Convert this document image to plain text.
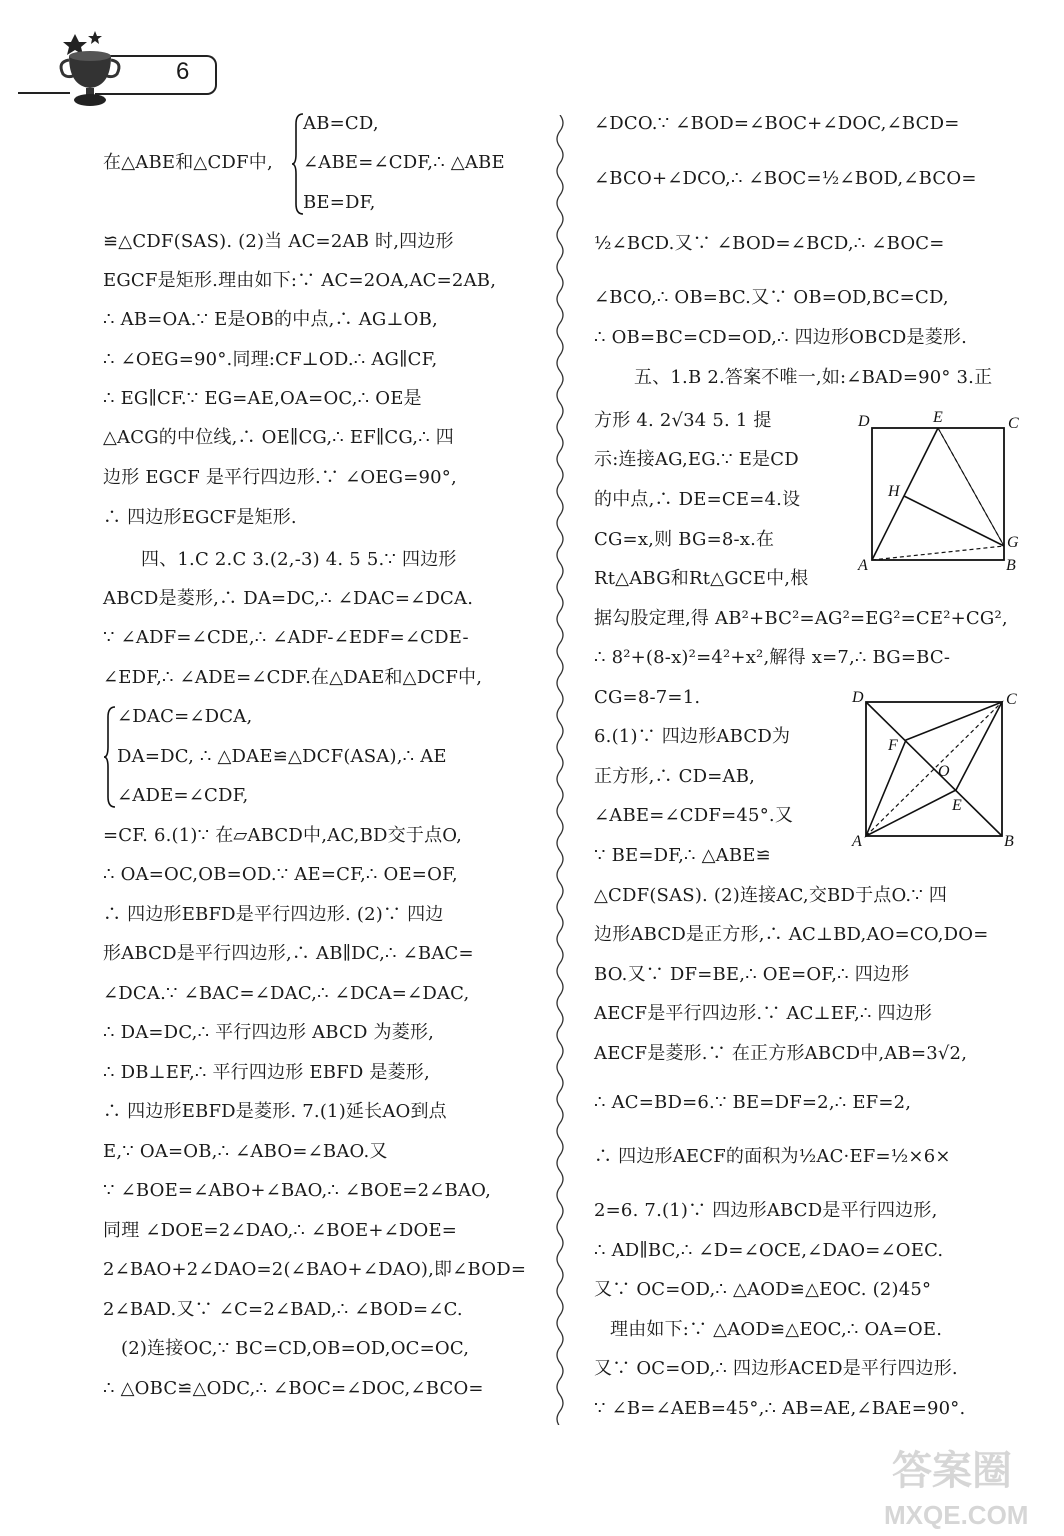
6
在△ABE和△CDF中,
AB=CD,
∠ABE=∠CDF,∴ △ABE
BE=DF,
≌△CDF(SAS). (2)当 AC=2AB 时,四边形
EGCF是矩形.理由如下:∵ AC=2OA,AC=2AB,
∴ AB=OA.∵ E是OB的中点,∴ AG⊥OB,
∴ ∠OEG=90°.同理:CF⊥OD.∴ AG∥CF,
∴ EG∥CF.∵ EG=AE,OA=OC,∴ OE是
△ACG的中位线,∴ OE∥CG,∴ EF∥CG,∴ 四
边形 EGCF 是平行四边形.∵ ∠OEG=90°,
∴ 四边形EGCF是矩形.
四、1.C 2.C 3.(2,-3) 4. 5 5.∵ 四边形
ABCD是菱形,∴ DA=DC,∴ ∠DAC=∠DCA.
∵ ∠ADF=∠CDE,∴ ∠ADF-∠EDF=∠CDE-
∠EDF,∴ ∠ADE=∠CDF.在△DAE和△DCF中,
∠DAC=∠DCA,
DA=DC, ∴ △DAE≌△DCF(ASA),∴ AE
∠ADE=∠CDF,
=CF. 6.(1)∵ 在▱ABCD中,AC,BD交于点O,
∴ OA=OC,OB=OD.∵ AE=CF,∴ OE=OF,
∴ 四边形EBFD是平行四边形. (2)∵ 四边
形ABCD是平行四边形,∴ AB∥DC,∴ ∠BAC=
∠DCA.∵ ∠BAC=∠DAC,∴ ∠DCA=∠DAC,
∴ DA=DC,∴ 平行四边形 ABCD 为菱形,
∴ DB⊥EF,∴ 平行四边形 EBFD 是菱形,
∴ 四边形EBFD是菱形. 7.(1)延长AO到点
E,∵ OA=OB,∴ ∠ABO=∠BAO.又
∵ ∠BOE=∠ABO+∠BAO,∴ ∠BOE=2∠BAO,
同理 ∠DOE=2∠DAO,∴ ∠BOE+∠DOE=
2∠BAO+2∠DAO=2(∠BAO+∠DAO),即∠BOD=
2∠BAD.又∵ ∠C=2∠BAD,∴ ∠BOD=∠C.
(2)连接OC,∵ BC=CD,OB=OD,OC=OC,
∴ △OBC≌△ODC,∴ ∠BOC=∠DOC,∠BCO=
∠DCO.∵ ∠BOD=∠BOC+∠DOC,∠BCD=
∠BCO+∠DCO,∴ ∠BOC=½∠BOD,∠BCO=
½∠BCD.又∵ ∠BOD=∠BCD,∴ ∠BOC=
∠BCO,∴ OB=BC.又∵ OB=OD,BC=CD,
∴ OB=BC=CD=OD,∴ 四边形OBCD是菱形.
五、1.B 2.答案不唯一,如:∠BAD=90° 3.正
方形 4. 2√34 5. 1 提
示:连接AG,EG.∵ E是CD
的中点,∴ DE=CE=4.设
CG=x,则 BG=8-x.在
Rt△ABG和Rt△GCE中,根
据勾股定理,得 AB²+BC²=AG²=EG²=CE²+CG²,
∴ 8²+(8-x)²=4²+x²,解得 x=7,∴ BG=BC-
CG=8-7=1.
6.(1)∵ 四边形ABCD为
正方形,∴ CD=AB,
∠ABE=∠CDF=45°.又
∵ BE=DF,∴ △ABE≌
△CDF(SAS). (2)连接AC,交BD于点O.∵ 四
边形ABCD是正方形,∴ AC⊥BD,AO=CO,DO=
BO.又∵ DF=BE,∴ OE=OF,∴ 四边形
AECF是平行四边形.∵ AC⊥EF,∴ 四边形
AECF是菱形.∵ 在正方形ABCD中,AB=3√2,
∴ AC=BD=6.∵ BE=DF=2,∴ EF=2,
∴ 四边形AECF的面积为½AC·EF=½×6×
2=6. 7.(1)∵ 四边形ABCD是平行四边形,
∴ AD∥BC,∴ ∠D=∠OCE,∠DAO=∠OEC.
又∵ OC=OD,∴ △AOD≌△EOC. (2)45°
理由如下:∵ △AOD≌△EOC,∴ OA=OE.
又∵ OC=OD,∴ 四边形ACED是平行四边形.
∵ ∠B=∠AEB=45°,∴ AB=AE,∠BAE=90°.
D	E	C
H
G
A	B
D	C
F
O
E
A	B
答案圈
MXQE.COM
